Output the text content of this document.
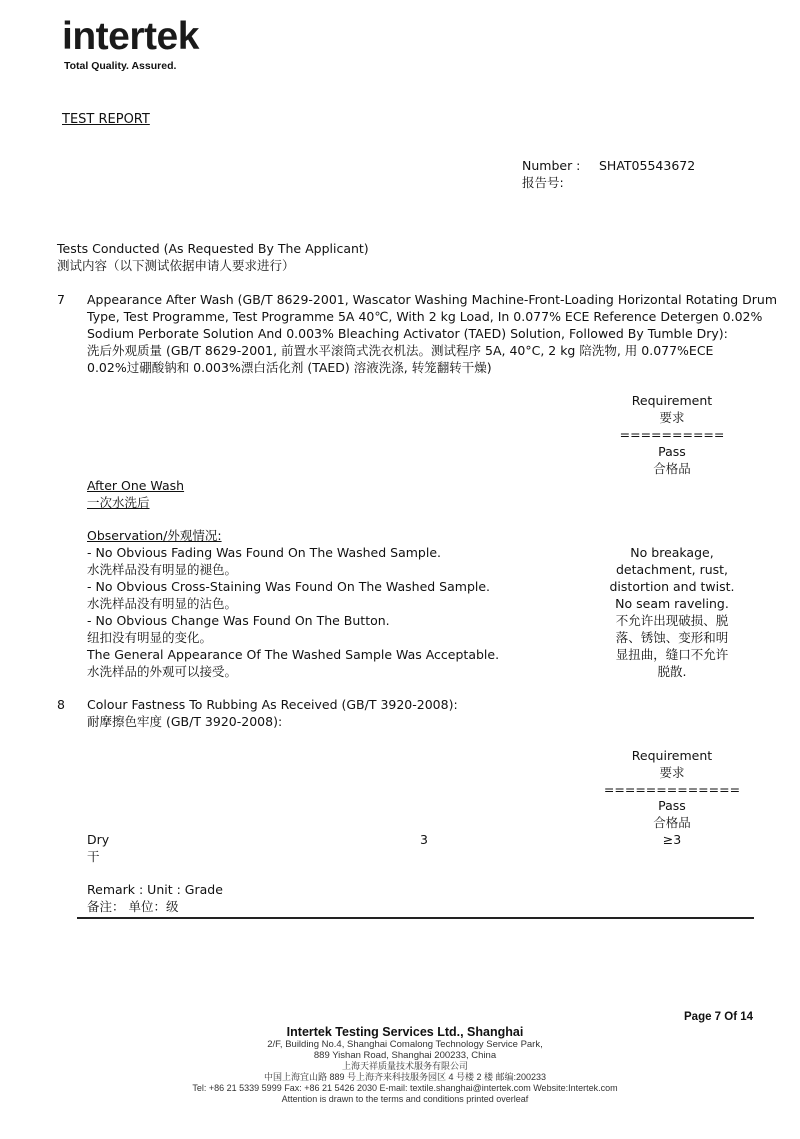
intertek
Total Quality. Assured.
TEST REPORT
Number : SHAT05543672
报告号:
Tests Conducted (As Requested By The Applicant)
测试内容（以下测试依据申请人要求进行）
7 Appearance After Wash (GB/T 8629-2001, Wascator Washing Machine-Front-Loading Horizontal Rotating Drum
Type, Test Programme, Test Programme 5A 40℃, With 2 kg Load, In 0.077% ECE Reference Detergen 0.02%
Sodium Perborate Solution And 0.003% Bleaching Activator (TAED) Solution, Followed By Tumble Dry):
洗后外观质量 (GB/T 8629-2001, 前置水平滚筒式洗衣机法。测试程序 5A, 40°C, 2 kg 陪洗物, 用 0.077%ECE
0.02%过硼酸钠和 0.003%漂白活化剂 (TAED) 溶液洗涤, 转笼翻转干燥)
Requirement
要求
==========
Pass
合格品
After One Wash
一次水洗后
Observation/外观情况:
- No Obvious Fading Was Found On The Washed Sample.
水洗样品没有明显的褪色。
- No Obvious Cross-Staining Was Found On The Washed Sample.
水洗样品没有明显的沾色。
- No Obvious Change Was Found On The Button.
纽扣没有明显的变化。
The General Appearance Of The Washed Sample Was Acceptable.
水洗样品的外观可以接受。
No breakage,
detachment, rust,
distortion and twist.
No seam raveling.
不允许出现破损、脱
落、锈蚀、变形和明
显扭曲，缝口不允许
脱散.
8 Colour Fastness To Rubbing As Received (GB/T 3920-2008):
耐摩擦色牢度 (GB/T 3920-2008):
Requirement
要求
=============
Pass
合格品
Dry
干
3	≥3
Remark : Unit : Grade
备注： 单位：级
Page 7 Of 14
Intertek Testing Services Ltd., Shanghai
2/F, Building No.4, Shanghai Comalong Technology Service Park,
889 Yishan Road, Shanghai 200233, China
上海天祥质量技术服务有限公司
中国上海宜山路 889 号上海齐来科技服务园区 4 号楼 2 楼 邮编:200233
Tel: +86 21 5339 5999 Fax: +86 21 5426 2030 E-mail: textile.shanghai@intertek.com Website:Intertek.com
Attention is drawn to the terms and conditions printed overleaf
